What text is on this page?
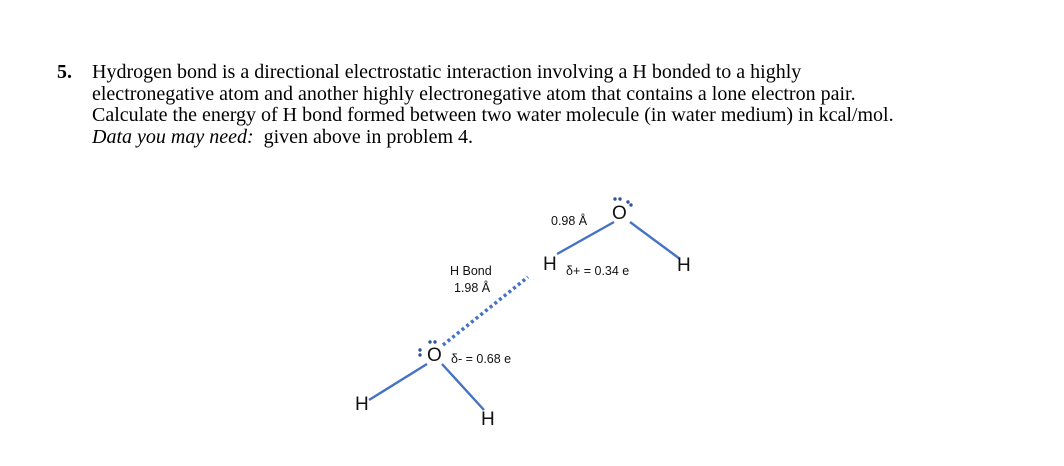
5. Hydrogen bond is a directional electrostatic interaction involving a H bonded to a highly
electronegative atom and another highly electronegative atom that contains a lone electron pair.
Calculate the energy of H bond formed between two water molecule (in water medium) in kcal/mol.
Data you may need: given above in problem 4.
O
H
H
O
H	H
H Bond
1.98 Å
0.98 Å
δ+ = 0.34 e
δ- = 0.68 e
